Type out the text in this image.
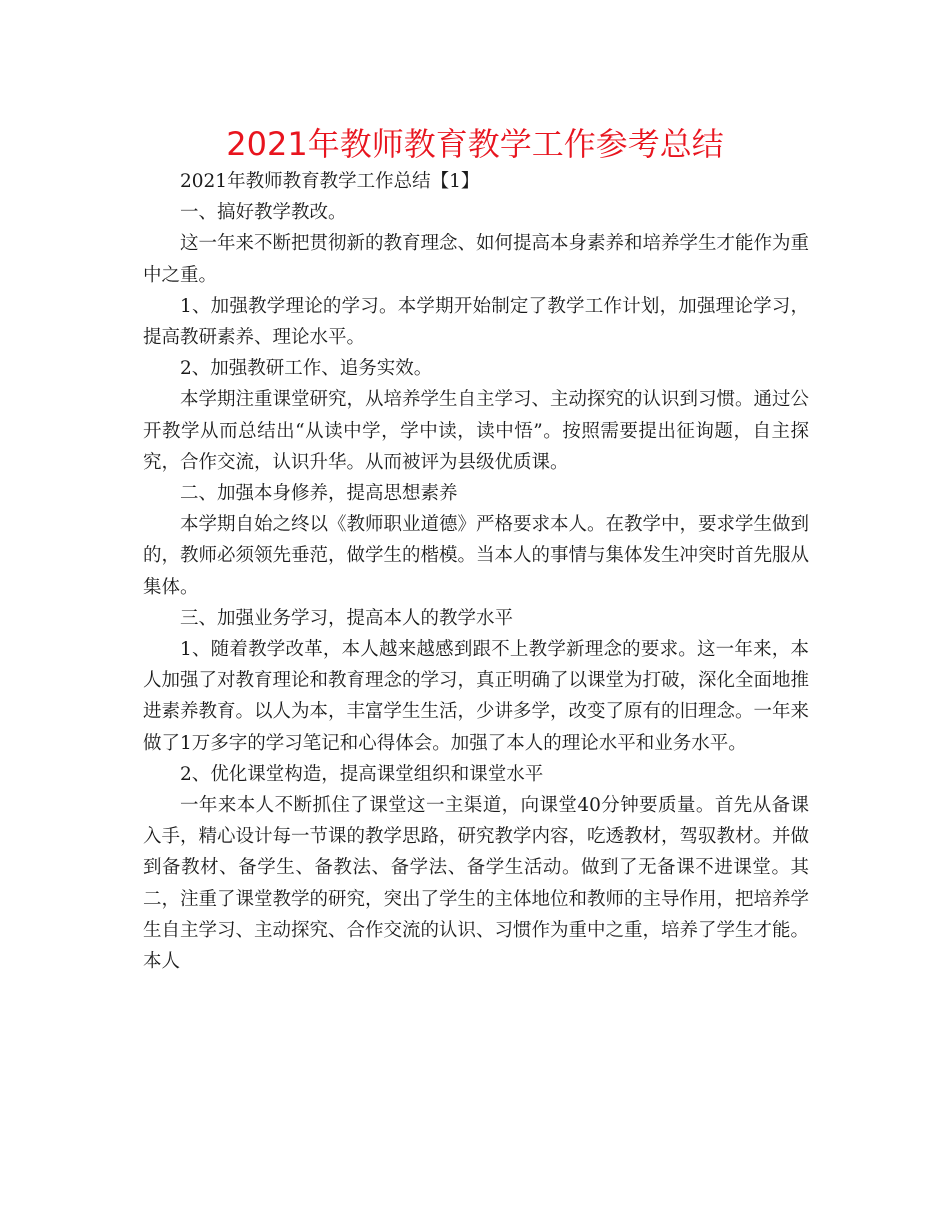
2021年教师教育教学工作参考总结

2021年教师教育教学工作总结【1】

一、搞好教学教改。

这一年来不断把贯彻新的教育理念、如何提高本身素养和培养学生才能作为重中之重。

1、加强教学理论的学习。本学期开始制定了教学工作计划，加强理论学习，提高教研素养、理论水平。

2、加强教研工作、追务实效。

本学期注重课堂研究，从培养学生自主学习、主动探究的认识到习惯。通过公开教学从而总结出“从读中学，学中读，读中悟”。按照需要提出征询题，自主探究，合作交流，认识升华。从而被评为县级优质课。

二、加强本身修养，提高思想素养

本学期自始之终以《教师职业道德》严格要求本人。在教学中，要求学生做到的，教师必须领先垂范，做学生的楷模。当本人的事情与集体发生冲突时首先服从集体。

三、加强业务学习，提高本人的教学水平

1、随着教学改革，本人越来越感到跟不上教学新理念的要求。这一年来，本人加强了对教育理论和教育理念的学习，真正明确了以课堂为打破，深化全面地推进素养教育。以人为本，丰富学生生活，少讲多学，改变了原有的旧理念。一年来做了1万多字的学习笔记和心得体会。加强了本人的理论水平和业务水平。

2、优化课堂构造，提高课堂组织和课堂水平

一年来本人不断抓住了课堂这一主渠道，向课堂40分钟要质量。首先从备课入手，精心设计每一节课的教学思路，研究教学内容，吃透教材，驾驭教材。并做到备教材、备学生、备教法、备学法、备学生活动。做到了无备课不进课堂。其二，注重了课堂教学的研究，突出了学生的主体地位和教师的主导作用，把培养学生自主学习、主动探究、合作交流的认识、习惯作为重中之重，培养了学生才能。本人
